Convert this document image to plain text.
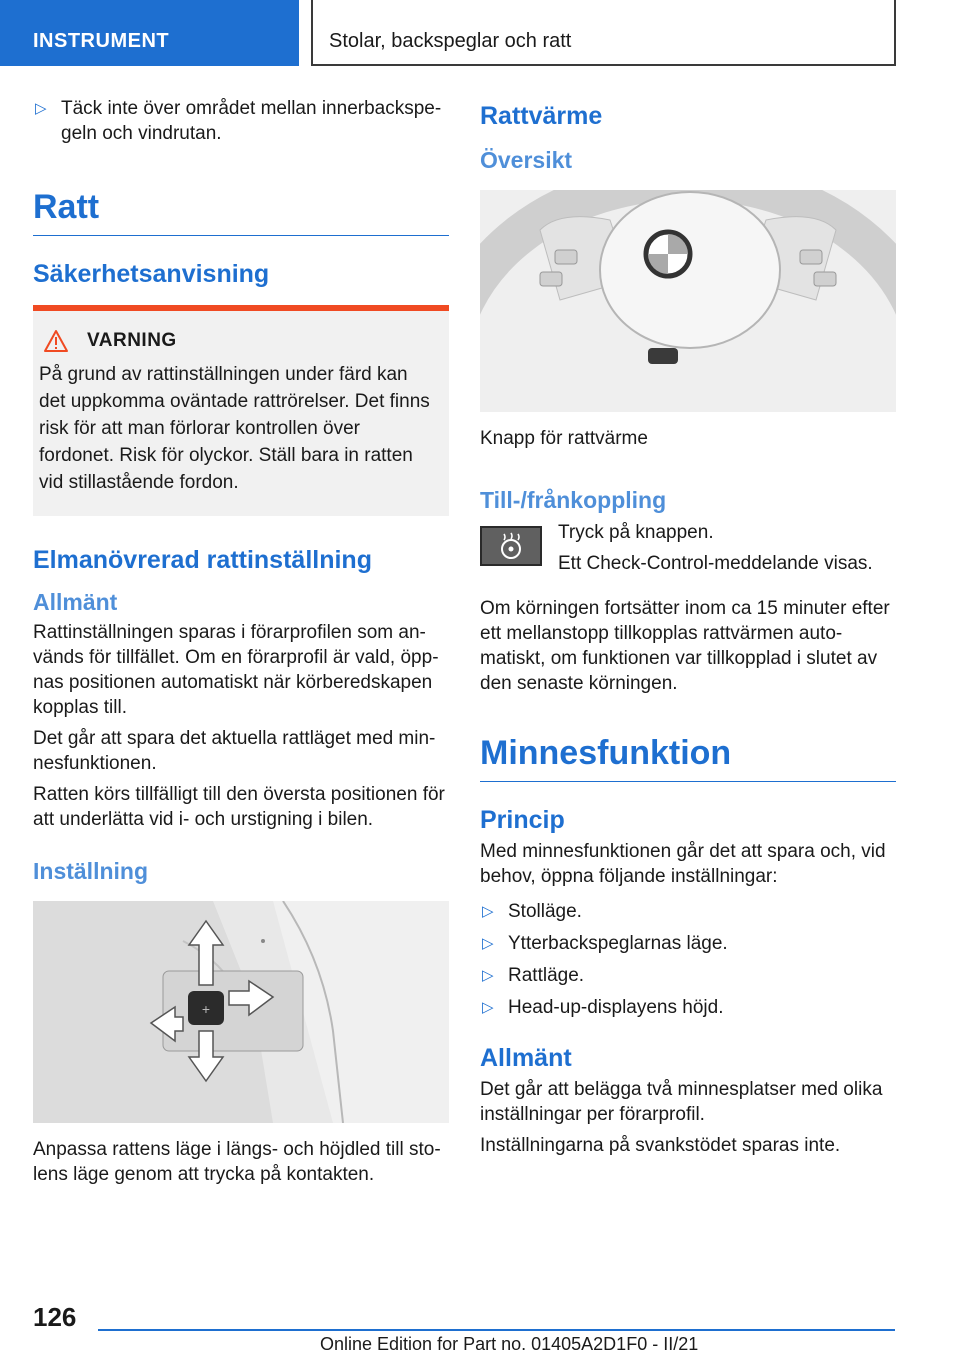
INSTRUMENT	Stolar, backspeglar och ratt
▷ Täck inte över området mellan innerbackspegeln och vindrutan.
Ratt
Säkerhetsanvisning
VARNING
På grund av rattinställningen under färd kan det uppkomma oväntade rattrörelser. Det finns risk för att man förlorar kontrollen över fordonet. Risk för olyckor. Ställ bara in ratten vid stillastående fordon.
Elmanövrerad rattinställning
Allmänt
Rattinställningen sparas i förarprofilen som används för tillfället. Om en förarprofil är vald, öppnas positionen automatiskt när körberedskapen kopplas till.
Det går att spara det aktuella rattläget med minnesfunktionen.
Ratten körs tillfälligt till den översta positionen för att underlätta vid i- och urstigning i bilen.
Inställning
+
Anpassa rattens läge i längs- och höjdled till stolens läge genom att trycka på kontakten.
Rattvärme
Översikt
Knapp för rattvärme
Till-/frånkoppling
Tryck på knappen.
Ett Check-Control-meddelande visas.
Om körningen fortsätter inom ca 15 minuter efter ett mellanstopp tillkopplas rattvärmen automatiskt, om funktionen var tillkopplad i slutet av den senaste körningen.
Minnesfunktion
Princip
Med minnesfunktionen går det att spara och, vid behov, öppna följande inställningar:
▷ Stolläge.
▷ Ytterbackspeglarnas läge.
▷ Rattläge.
▷ Head-up-displayens höjd.
Allmänt
Det går att belägga två minnesplatser med olika inställningar per förarprofil.
Inställningarna på svankstödet sparas inte.
126
Online Edition for Part no. 01405A2D1F0 - II/21
